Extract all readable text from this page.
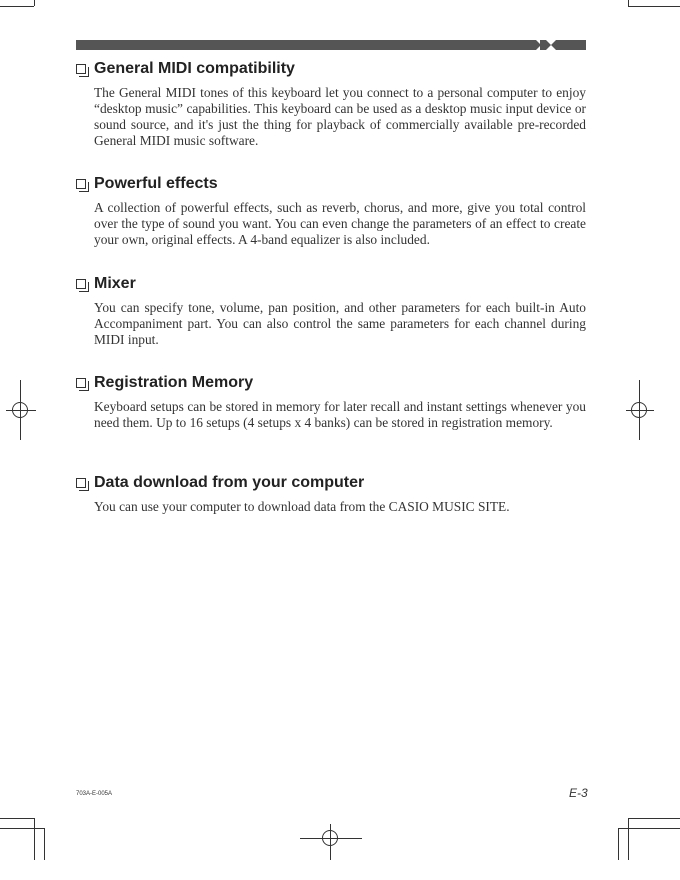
General MIDI compatibility

The General MIDI tones of this keyboard let you connect to a personal computer to enjoy “desktop music” capabilities. This keyboard can be used as a desktop music input device or sound source, and it's just the thing for playback of commercially available pre-recorded General MIDI music software.

Powerful effects

A collection of powerful effects, such as reverb, chorus, and more, give you total control over the type of sound you want. You can even change the parameters of an effect to create your own, original effects. A 4-band equalizer is also included.

Mixer

You can specify tone, volume, pan position, and other parameters for each built-in Auto Accompaniment part. You can also control the same parameters for each channel during MIDI input.

Registration Memory

Keyboard setups can be stored in memory for later recall and instant settings whenever you need them. Up to 16 setups (4 setups x 4 banks) can be stored in registration memory.

Data download from your computer

You can use your computer to download data from the CASIO MUSIC SITE.

703A-E-005A	E-3
